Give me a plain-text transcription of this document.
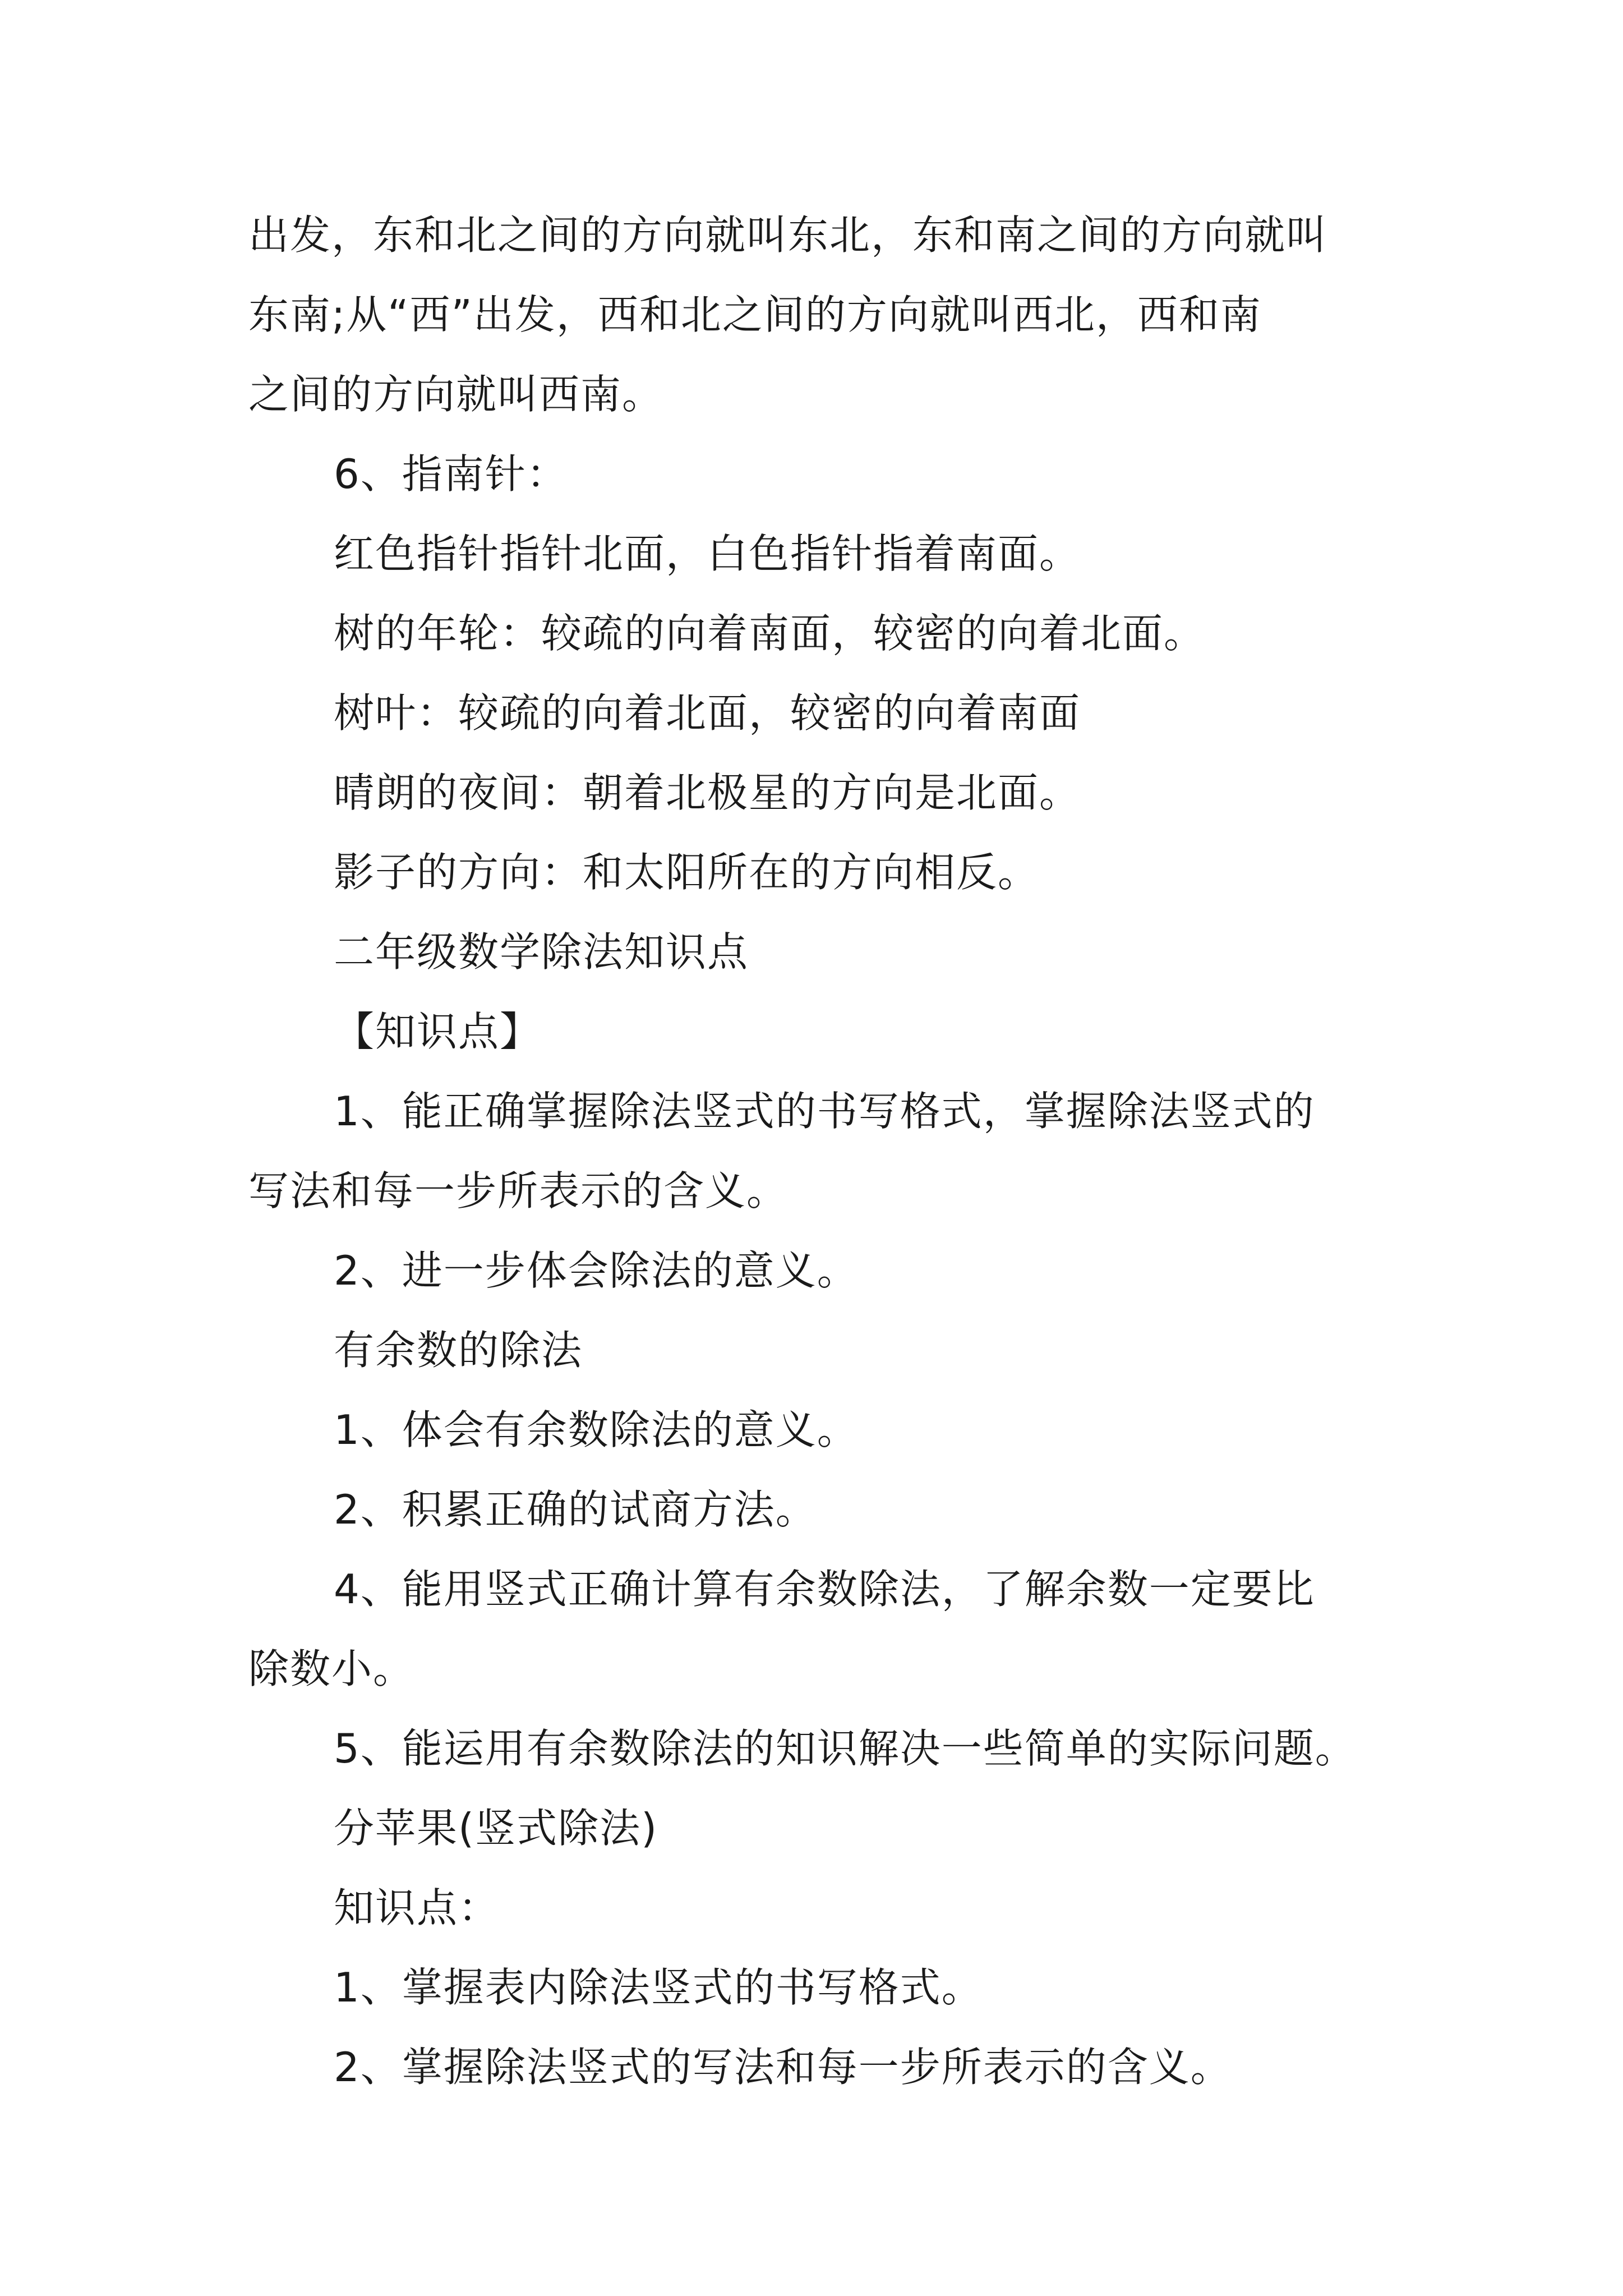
出发，东和北之间的方向就叫东北，东和南之间的方向就叫
东南;从“西”出发，西和北之间的方向就叫西北，西和南
之间的方向就叫西南。

6、指南针：

红色指针指针北面，白色指针指着南面。

树的年轮：较疏的向着南面，较密的向着北面。

树叶：较疏的向着北面，较密的向着南面

晴朗的夜间：朝着北极星的方向是北面。

影子的方向：和太阳所在的方向相反。

二年级数学除法知识点

【知识点】

1、能正确掌握除法竖式的书写格式，掌握除法竖式的
写法和每一步所表示的含义。

2、进一步体会除法的意义。

有余数的除法

1、体会有余数除法的意义。

2、积累正确的试商方法。

4、能用竖式正确计算有余数除法，了解余数一定要比
除数小。

5、能运用有余数除法的知识解决一些简单的实际问题。

分苹果(竖式除法)

知识点：

1、掌握表内除法竖式的书写格式。

2、掌握除法竖式的写法和每一步所表示的含义。
